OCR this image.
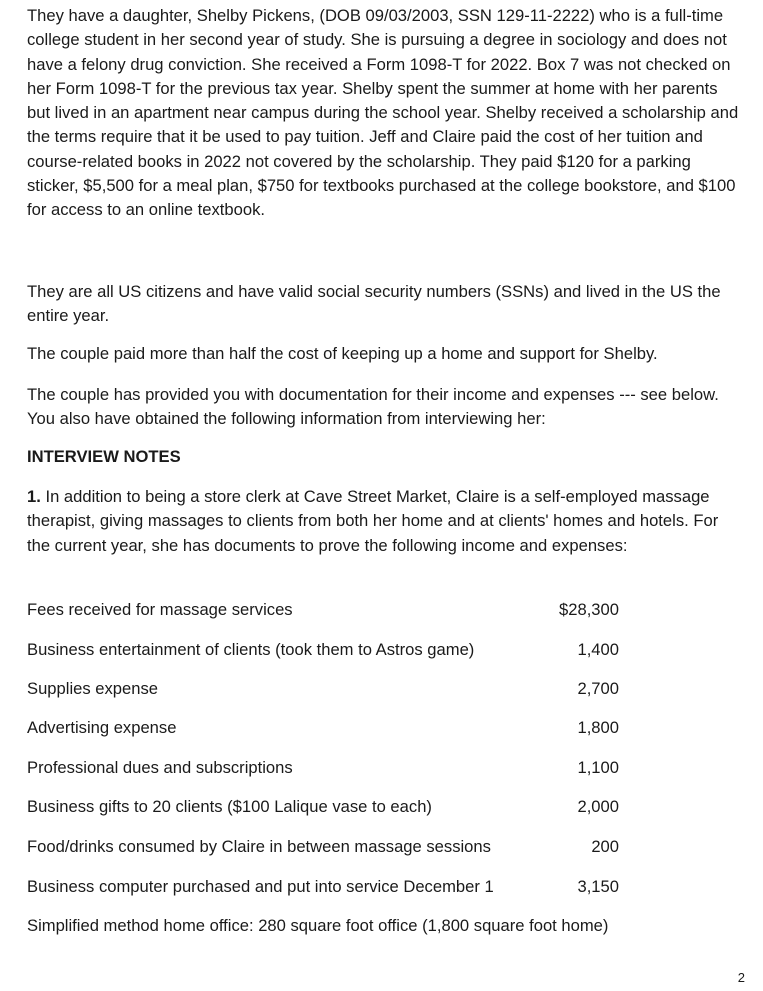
They have a daughter, Shelby Pickens, (DOB 09/03/2003, SSN 129-11-2222) who is a full-time college student in her second year of study. She is pursuing a degree in sociology and does not have a felony drug conviction. She received a Form 1098-T for 2022. Box 7 was not checked on her Form 1098-T for the previous tax year. Shelby spent the summer at home with her parents but lived in an apartment near campus during the school year. Shelby received a scholarship and the terms require that it be used to pay tuition. Jeff and Claire paid the cost of her tuition and course-related books in 2022 not covered by the scholarship. They paid $120 for a parking sticker, $5,500 for a meal plan, $750 for textbooks purchased at the college bookstore, and $100 for access to an online textbook.

They are all US citizens and have valid social security numbers (SSNs) and lived in the US the entire year.

The couple paid more than half the cost of keeping up a home and support for Shelby.

The couple has provided you with documentation for their income and expenses --- see below. You also have obtained the following information from interviewing her:

INTERVIEW NOTES

1. In addition to being a store clerk at Cave Street Market, Claire is a self-employed massage therapist, giving massages to clients from both her home and at clients' homes and hotels. For the current year, she has documents to prove the following income and expenses:

Fees received for massage services	$28,300
Business entertainment of clients (took them to Astros game)	1,400
Supplies expense	2,700
Advertising expense	1,800
Professional dues and subscriptions	1,100
Business gifts to 20 clients ($100 Lalique vase to each)	2,000
Food/drinks consumed by Claire in between massage sessions	200
Business computer purchased and put into service December 1	3,150
Simplified method home office: 280 square foot office (1,800 square foot home)
2
